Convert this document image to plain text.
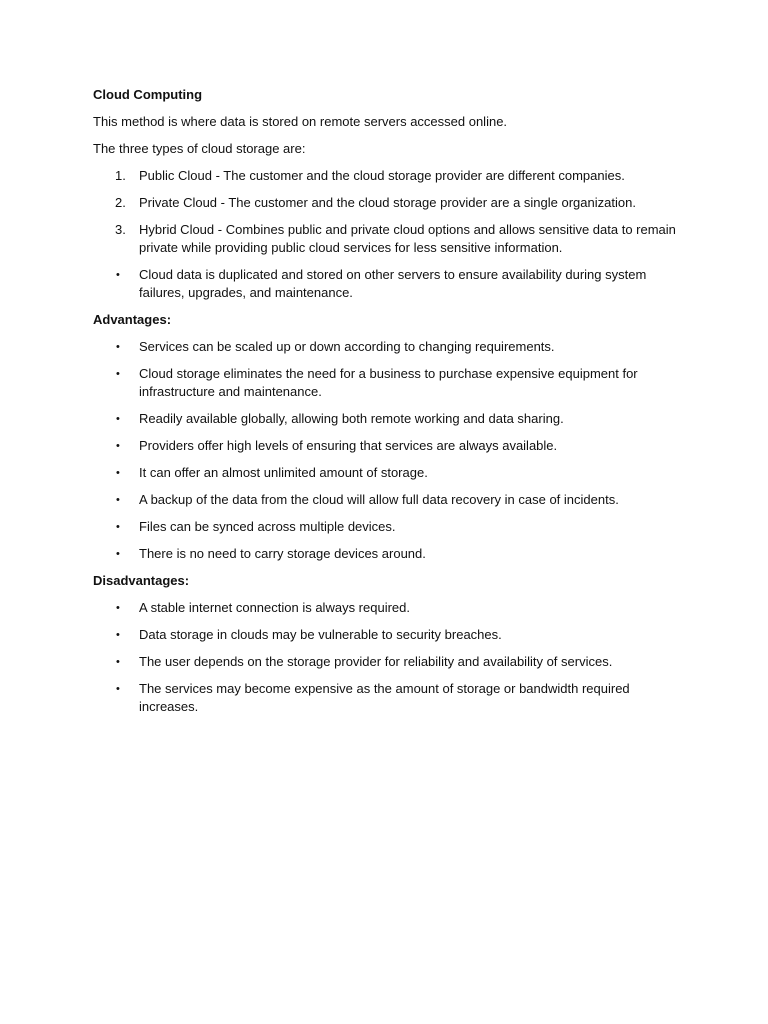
Cloud Computing
This method is where data is stored on remote servers accessed online.
The three types of cloud storage are:
1.	Public Cloud - The customer and the cloud storage provider are different companies.
2.	Private Cloud - The customer and the cloud storage provider are a single organization.
3.	Hybrid Cloud - Combines public and private cloud options and allows sensitive data to remain private while providing public cloud services for less sensitive information.
•	Cloud data is duplicated and stored on other servers to ensure availability during system failures, upgrades, and maintenance.
Advantages:
•	Services can be scaled up or down according to changing requirements.
•	Cloud storage eliminates the need for a business to purchase expensive equipment for infrastructure and maintenance.
•	Readily available globally, allowing both remote working and data sharing.
•	Providers offer high levels of ensuring that services are always available.
•	It can offer an almost unlimited amount of storage.
•	A backup of the data from the cloud will allow full data recovery in case of incidents.
•	Files can be synced across multiple devices.
•	There is no need to carry storage devices around.
Disadvantages:
•	A stable internet connection is always required.
•	Data storage in clouds may be vulnerable to security breaches.
•	The user depends on the storage provider for reliability and availability of services.
•	The services may become expensive as the amount of storage or bandwidth required increases.
